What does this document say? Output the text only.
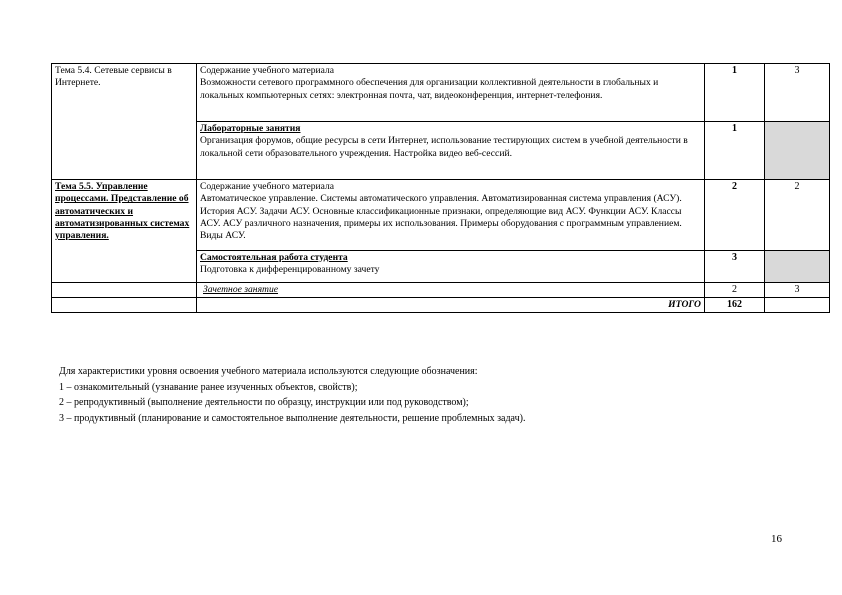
Тема 5.4. Сетевые сервисы в Интернете.	Содержание учебного материала
Возможности сетевого программного обеспечения для организации коллективной деятельности в глобальных и локальных компьютерных сетях: электронная почта, чат, видеоконференция, интернет-телефония.	1	3

	Лабораторные занятия
Организация форумов, общие ресурсы в сети Интернет, использование тестирующих систем в учебной деятельности в локальной сети образовательного учреждения. Настройка видео веб-сессий.	1	
Тема 5.5. Управление процессами. Представление об автоматических и автоматизированных системах управления.	Содержание учебного материала
Автоматическое управление. Системы автоматического управления. Автоматизированная система управления (АСУ). История АСУ. Задачи АСУ. Основные классификационные признаки, определяющие вид АСУ. Функции АСУ. Классы АСУ. АСУ различного назначения, примеры их использования. Примеры оборудования с программным управлением. Виды АСУ.	2	2

	Самостоятельная работа студента
Подготовка к дифференцированному зачету	3	
	Зачетное занятие	2	3
	ИТОГО	162	
Для характеристики уровня освоения учебного материала используются следующие обозначения:
1 – ознакомительный (узнавание ранее изученных объектов, свойств);
2 – репродуктивный (выполнение деятельности по образцу, инструкции или под руководством);
3 – продуктивный (планирование и самостоятельное выполнение деятельности, решение проблемных задач).
16
